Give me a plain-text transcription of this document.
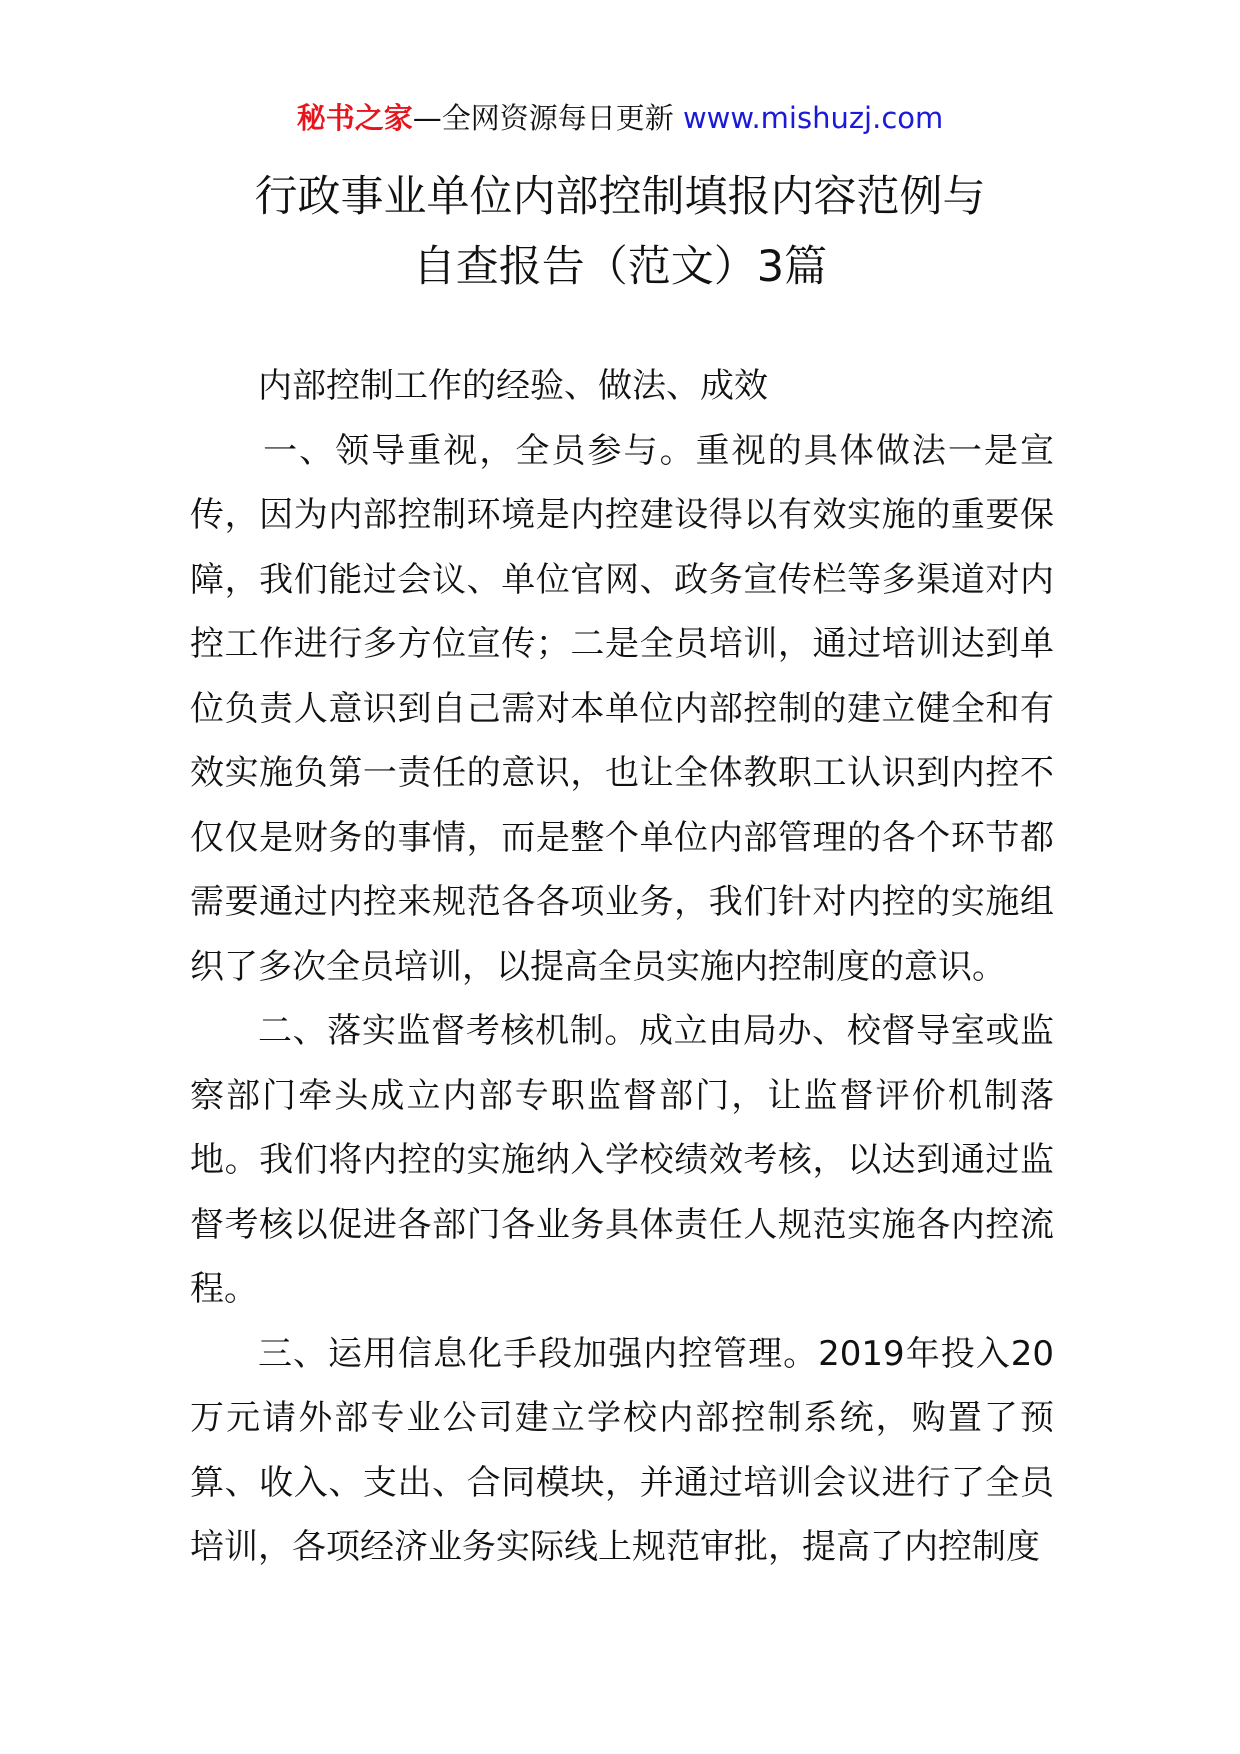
秘书之家—全网资源每日更新 www.mishuzj.com
行政事业单位内部控制填报内容范例与
自查报告（范文）3篇

内部控制工作的经验、做法、成效

一、领导重视，全员参与。重视的具体做法一是宣传，因为内部控制环境是内控建设得以有效实施的重要保障，我们能过会议、单位官网、政务宣传栏等多渠道对内控工作进行多方位宣传；二是全员培训，通过培训达到单位负责人意识到自己需对本单位内部控制的建立健全和有效实施负第一责任的意识，也让全体教职工认识到内控不仅仅是财务的事情，而是整个单位内部管理的各个环节都需要通过内控来规范各各项业务，我们针对内控的实施组织了多次全员培训，以提高全员实施内控制度的意识。

二、落实监督考核机制。成立由局办、校督导室或监察部门牵头成立内部专职监督部门，让监督评价机制落地。我们将内控的实施纳入学校绩效考核，以达到通过监督考核以促进各部门各业务具体责任人规范实施各内控流程。

三、运用信息化手段加强内控管理。2019年投入20万元请外部专业公司建立学校内部控制系统，购置了预算、收入、支出、合同模块，并通过培训会议进行了全员培训，各项经济业务实际线上规范审批，提高了内控制度
